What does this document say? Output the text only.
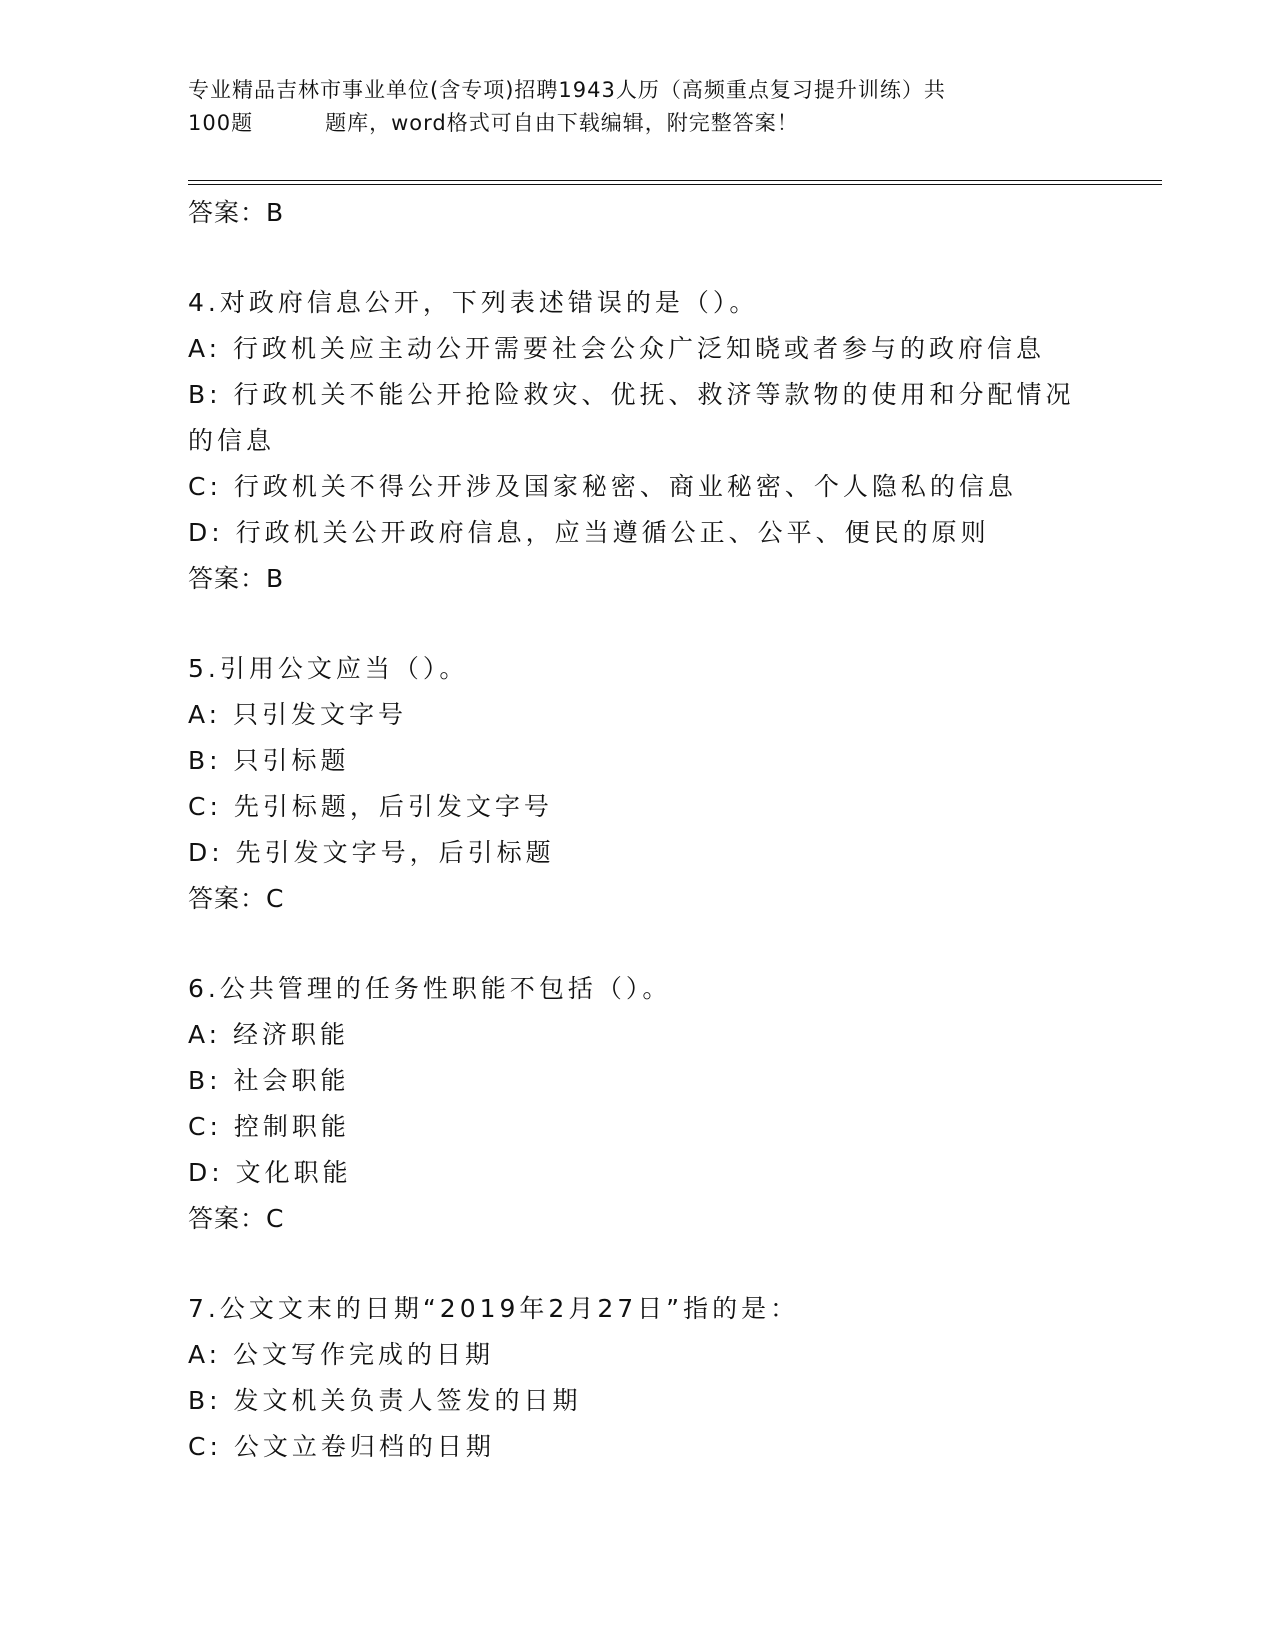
专业精品吉林市事业单位(含专项)招聘1943人历（高频重点复习提升训练）共
100题	题库，word格式可自由下载编辑，附完整答案！
答案：B
4.对政府信息公开，下列表述错误的是（）。
A: 行政机关应主动公开需要社会公众广泛知晓或者参与的政府信息
B: 行政机关不能公开抢险救灾、优抚、救济等款物的使用和分配情况
的信息
C: 行政机关不得公开涉及国家秘密、商业秘密、个人隐私的信息
D: 行政机关公开政府信息，应当遵循公正、公平、便民的原则
答案：B
5.引用公文应当（）。
A: 只引发文字号
B: 只引标题
C: 先引标题，后引发文字号
D: 先引发文字号，后引标题
答案：C
6.公共管理的任务性职能不包括（）。
A: 经济职能
B: 社会职能
C: 控制职能
D: 文化职能
答案：C
7.公文文末的日期“2019年2月27日”指的是：
A: 公文写作完成的日期
B: 发文机关负责人签发的日期
C: 公文立卷归档的日期
